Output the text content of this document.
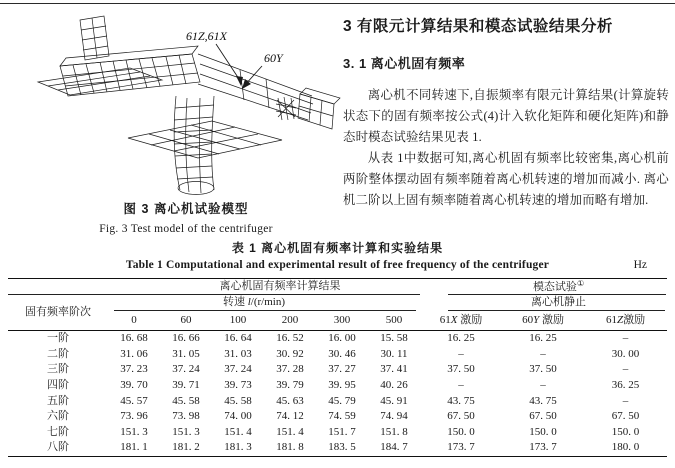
61Z,61X
60Y
图 3 离心机试验模型
Fig. 3 Test model of the centrifuger
3 有限元计算结果和模态试验结果分析
3. 1 离心机固有频率

离心机不同转速下,自振频率有限元计算结果(计算旋转状态下的固有频率按公式(4)计入软化矩阵和硬化矩阵)和静态时模态试验结果见表 1.

从表 1中数据可知,离心机固有频率比较密集,离心机前两阶整体摆动固有频率随着离心机转速的增加而减小. 离心机二阶以上固有频率随着离心机转速的增加而略有增加.

表 1 离心机固有频率计算和实验结果
Table 1 Computational and experimental result of free frequency of the centrifuger	Hz
离心机固有频率计算结果							模态试验①

固有频率阶次	转速 l/(r/min)						离心机静止		

	0	60	100	200	300	500	61X 激励	60Y 激励	61Z激励
一阶	16. 68	16. 66	16. 64	16. 52	16. 00	15. 58	16. 25	16. 25	–
二阶	31. 06	31. 05	31. 03	30. 92	30. 46	30. 11	–	–	30. 00
三阶	37. 23	37. 24	37. 24	37. 28	37. 27	37. 41	37. 50	37. 50	–
四阶	39. 70	39. 71	39. 73	39. 79	39. 95	40. 26	–	–	36. 25
五阶	45. 57	45. 58	45. 58	45. 63	45. 79	45. 91	43. 75	43. 75	–
六阶	73. 96	73. 98	74. 00	74. 12	74. 59	74. 94	67. 50	67. 50	67. 50
七阶	151. 3	151. 3	151. 4	151. 4	151. 7	151. 8	150. 0	150. 0	150. 0
八阶	181. 1	181. 2	181. 3	181. 8	183. 5	184. 7	173. 7	173. 7	180. 0
